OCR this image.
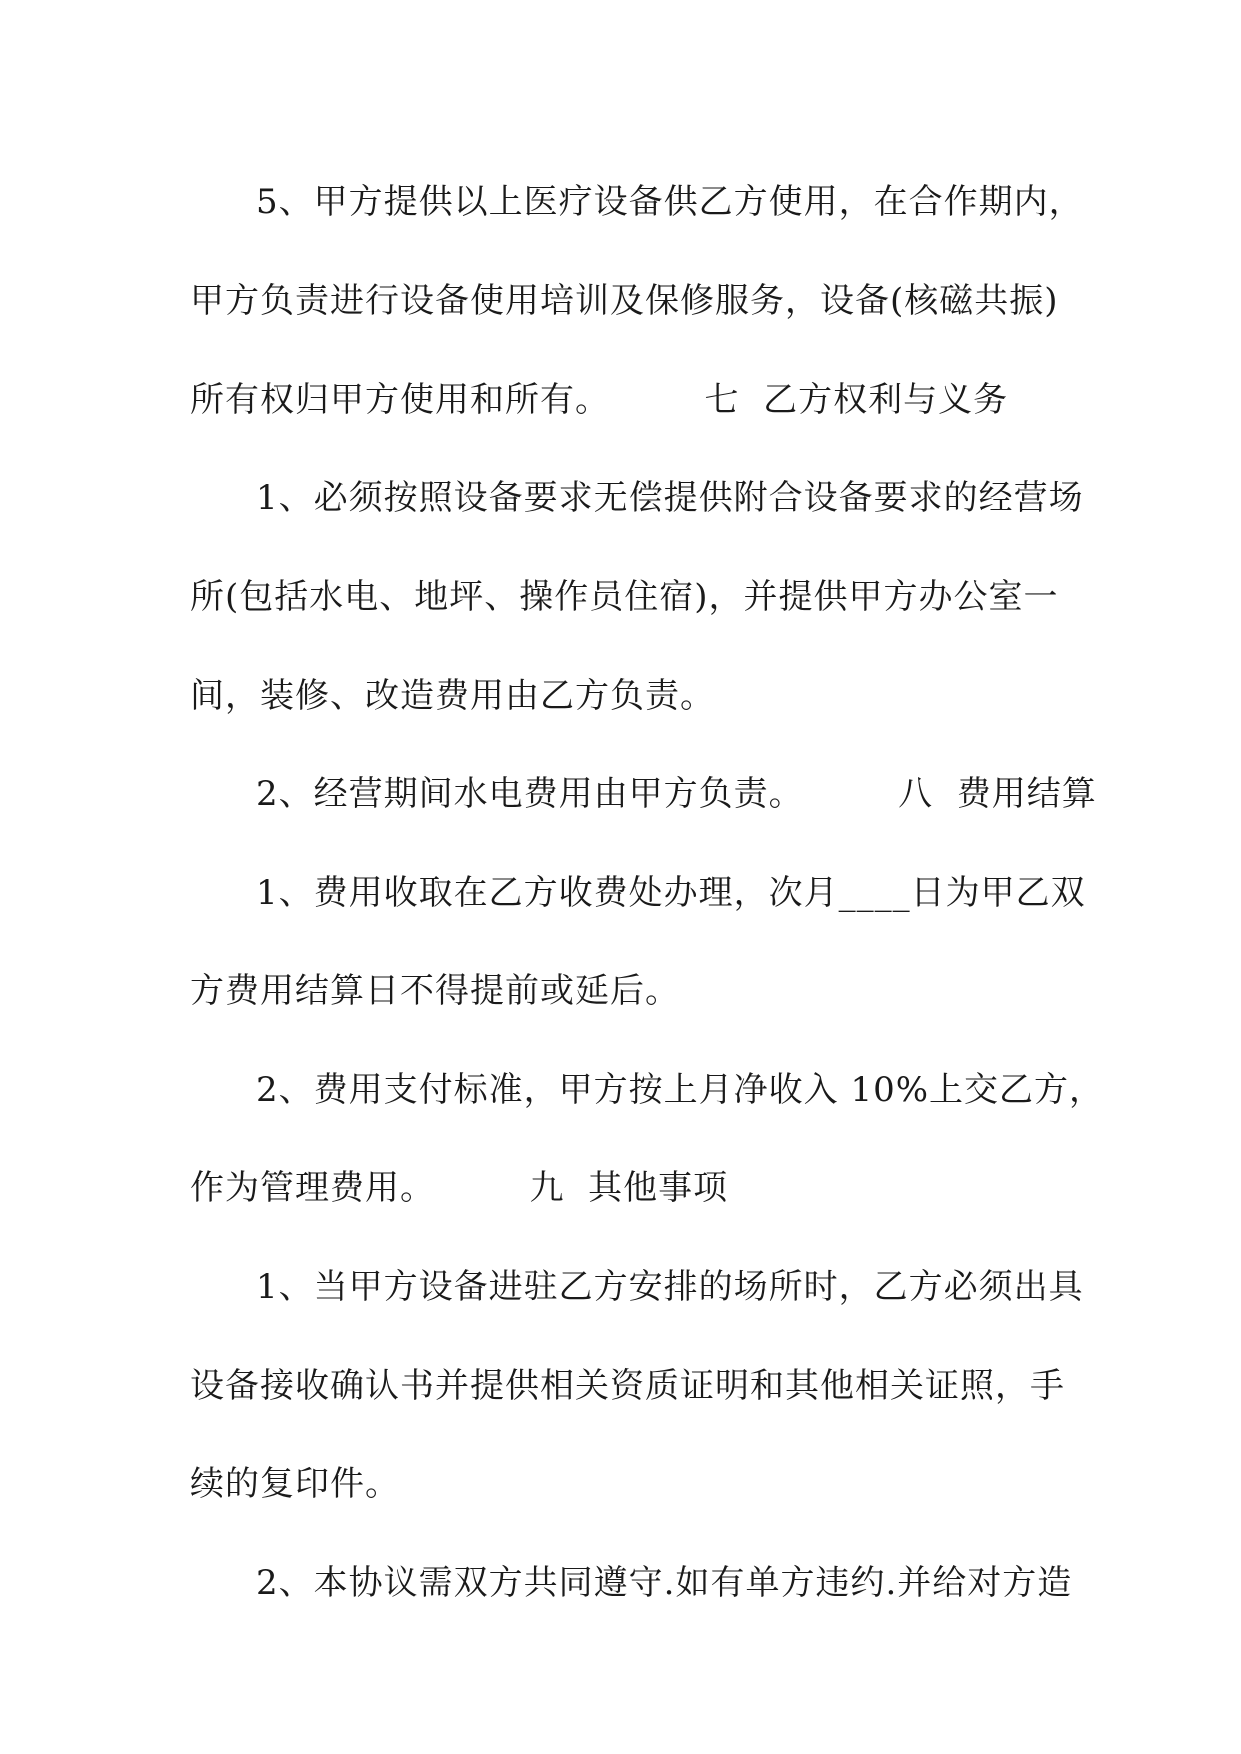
5、甲方提供以上医疗设备供乙方使用，在合作期内，
甲方负责进行设备使用培训及保修服务，设备(核磁共振)
所有权归甲方使用和所有。        七  乙方权利与义务
1、必须按照设备要求无偿提供附合设备要求的经营场
所(包括水电、地坪、操作员住宿)，并提供甲方办公室一
间，装修、改造费用由乙方负责。
2、经营期间水电费用由甲方负责。        八  费用结算
1、费用收取在乙方收费处办理，次月____日为甲乙双
方费用结算日不得提前或延后。
2、费用支付标准，甲方按上月净收入 10%上交乙方，
作为管理费用。        九  其他事项
1、当甲方设备进驻乙方安排的场所时，乙方必须出具
设备接收确认书并提供相关资质证明和其他相关证照，手
续的复印件。
2、本协议需双方共同遵守.如有单方违约.并给对方造
